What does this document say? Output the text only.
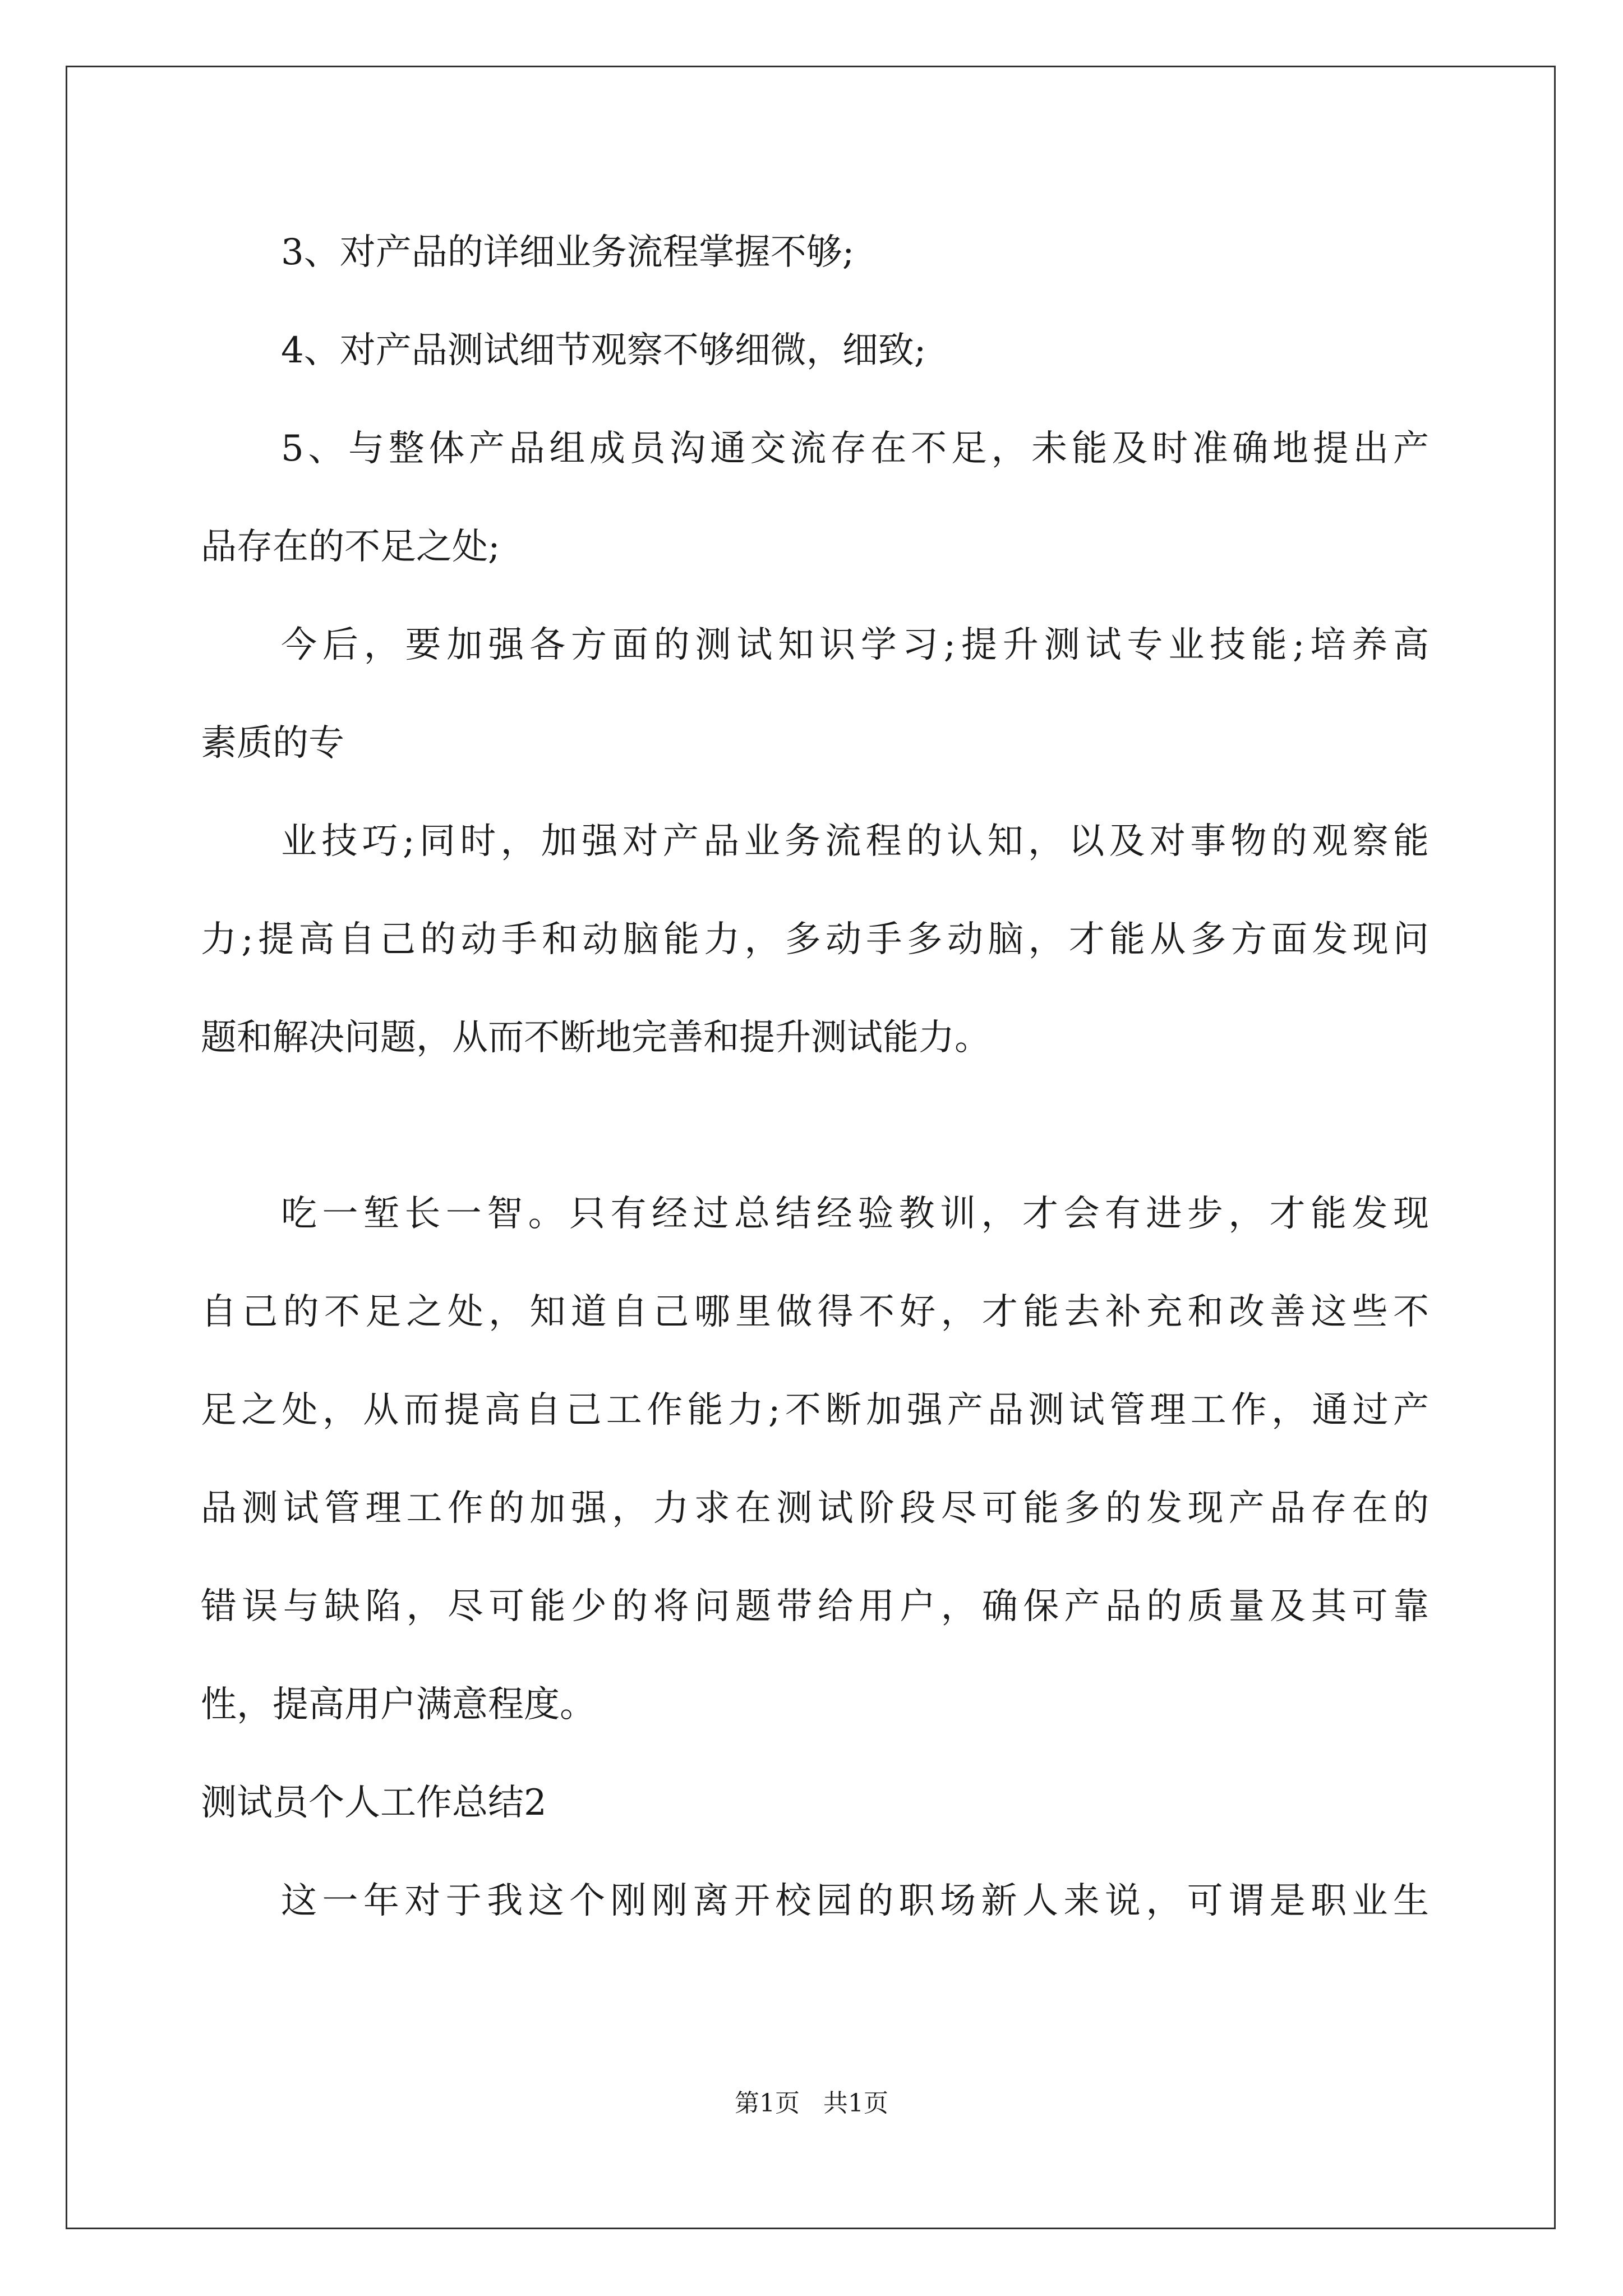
3、对产品的详细业务流程掌握不够;
4、对产品测试细节观察不够细微，细致;
5、与整体产品组成员沟通交流存在不足，未能及时准确地提出产
品存在的不足之处;
今后，要加强各方面的测试知识学习;提升测试专业技能;培养高
素质的专
业技巧;同时，加强对产品业务流程的认知，以及对事物的观察能
力;提高自己的动手和动脑能力，多动手多动脑，才能从多方面发现问
题和解决问题，从而不断地完善和提升测试能力。
吃一堑长一智。只有经过总结经验教训，才会有进步，才能发现
自己的不足之处，知道自己哪里做得不好，才能去补充和改善这些不
足之处，从而提高自己工作能力;不断加强产品测试管理工作，通过产
品测试管理工作的加强，力求在测试阶段尽可能多的发现产品存在的
错误与缺陷，尽可能少的将问题带给用户，确保产品的质量及其可靠
性，提高用户满意程度。
测试员个人工作总结2
这一年对于我这个刚刚离开校园的职场新人来说，可谓是职业生
第1页   共1页
